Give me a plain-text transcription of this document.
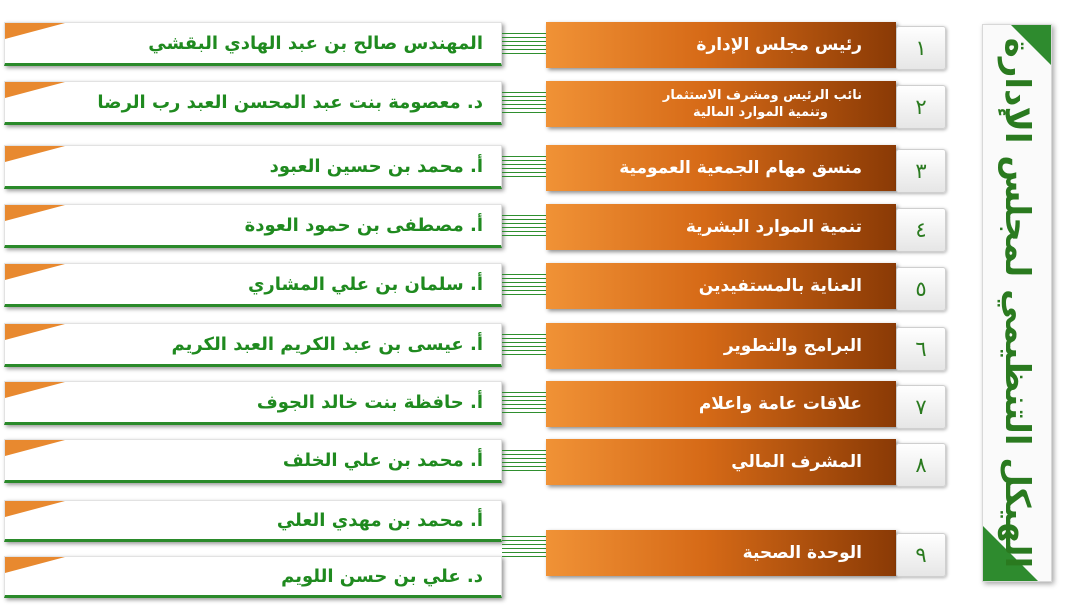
الهيكل التنظيمي لمجلس الإدارة
المهندس صالح بن عبد الهادي البقشي	رئيس مجلس الإدارة	١
د. معصومة بنت عبد المحسن العبد رب الرضا	نائب الرئيس ومشرف الاستثمار
وتنمية الموارد المالية	٢
أ. محمد بن حسين العبود	منسق مهام الجمعية العمومية	٣
أ. مصطفى بن حمود العودة	تنمية الموارد البشرية	٤
أ. سلمان بن علي المشاري	العناية بالمستفيدين	٥
أ. عيسى بن عبد الكريم العبد الكريم	البرامج والتطوير	٦
أ. حافظة بنت خالد الجوف	علاقات عامة واعلام	٧
أ. محمد بن علي الخلف	المشرف المالي	٨
أ. محمد بن مهدي العلي
د. علي بن حسن اللويم
الوحدة الصحية	٩
